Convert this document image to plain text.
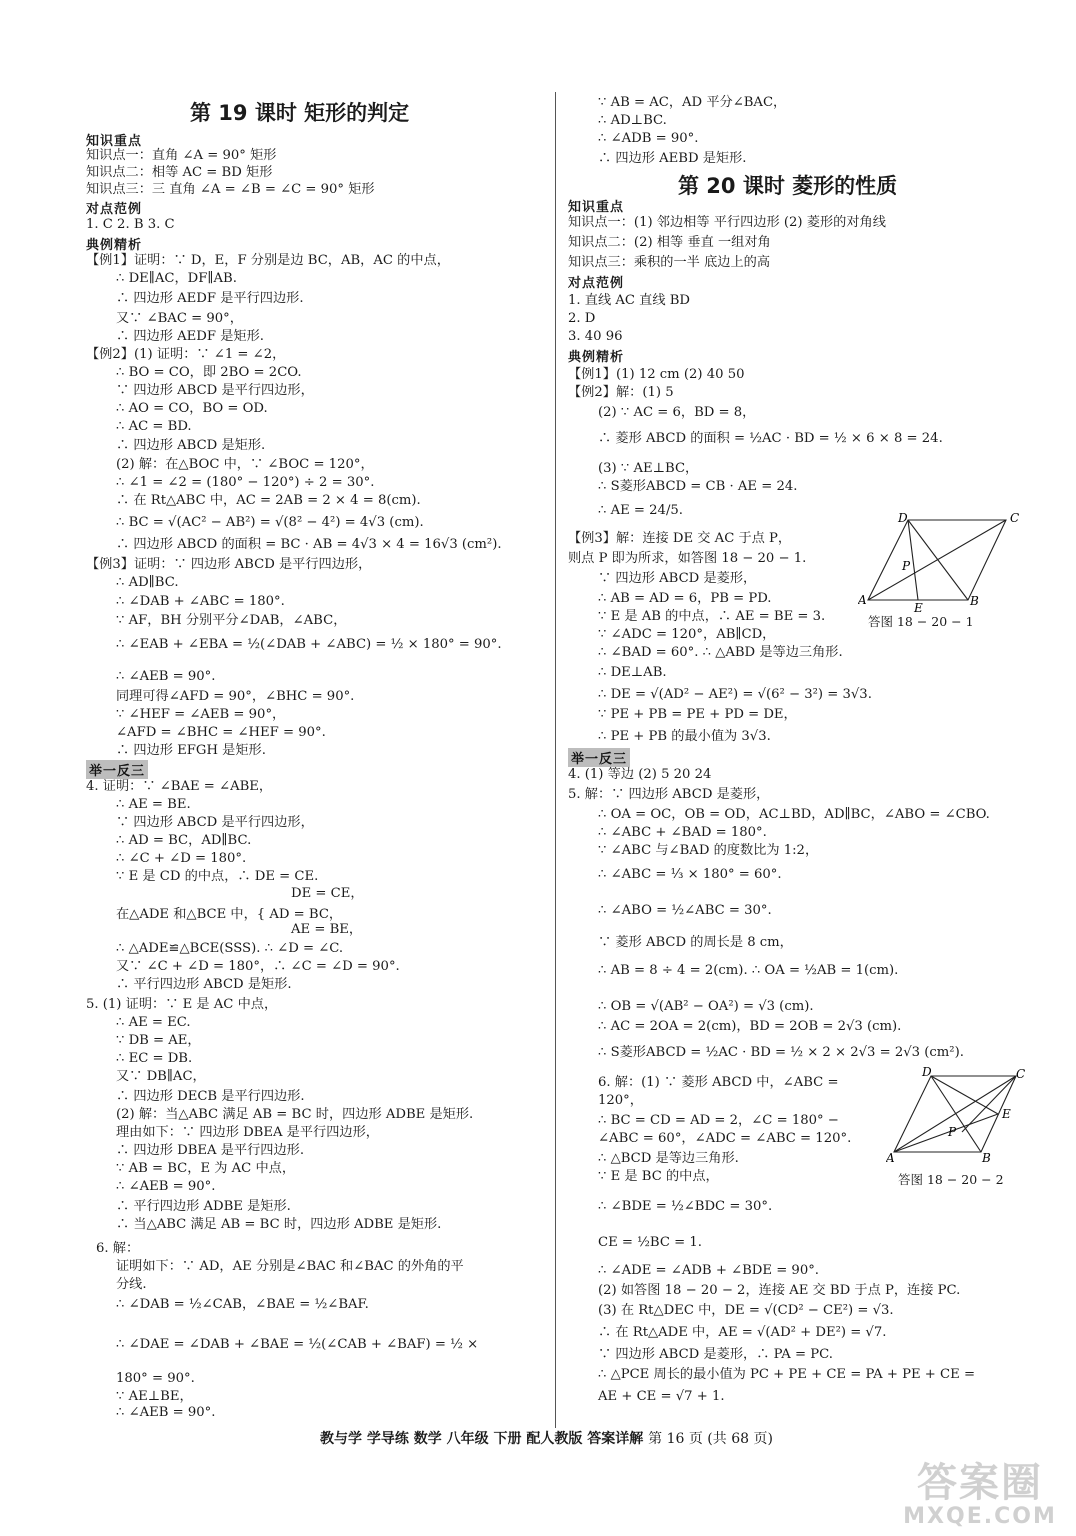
第 19 课时 矩形的判定
知识重点
知识点一：直角 ∠A = 90° 矩形
知识点二：相等 AC = BD 矩形
知识点三：三 直角 ∠A = ∠B = ∠C = 90° 矩形
对点范例
1. C 2. B 3. C
典例精析
【例1】证明：∵ D，E，F 分别是边 BC，AB，AC 的中点，
∴ DE∥AC，DF∥AB.
∴ 四边形 AEDF 是平行四边形.
又∵ ∠BAC = 90°，
∴ 四边形 AEDF 是矩形.
【例2】(1) 证明：∵ ∠1 = ∠2，
∴ BO = CO，即 2BO = 2CO.
∵ 四边形 ABCD 是平行四边形，
∴ AO = CO，BO = OD.
∴ AC = BD.
∴ 四边形 ABCD 是矩形.
(2) 解：在△BOC 中，∵ ∠BOC = 120°，
∴ ∠1 = ∠2 = (180° − 120°) ÷ 2 = 30°.
∴ 在 Rt△ABC 中，AC = 2AB = 2 × 4 = 8(cm).
∴ BC = √(AC² − AB²) = √(8² − 4²) = 4√3 (cm).
∴ 四边形 ABCD 的面积 = BC · AB = 4√3 × 4 = 16√3 (cm²).
【例3】证明：∵ 四边形 ABCD 是平行四边形，
∴ AD∥BC.
∴ ∠DAB + ∠ABC = 180°.
∵ AF，BH 分别平分∠DAB，∠ABC，
∴ ∠EAB + ∠EBA = ½(∠DAB + ∠ABC) = ½ × 180° = 90°.
∴ ∠AEB = 90°.
同理可得∠AFD = 90°，∠BHC = 90°.
∵ ∠HEF = ∠AEB = 90°，
∠AFD = ∠BHC = ∠HEF = 90°.
∴ 四边形 EFGH 是矩形.
举一反三
4. 证明：∵ ∠BAE = ∠ABE，
∴ AE = BE.
∵ 四边形 ABCD 是平行四边形，
∴ AD = BC，AD∥BC.
∴ ∠C + ∠D = 180°.
∵ E 是 CD 的中点，∴ DE = CE.
DE = CE，
在△ADE 和△BCE 中，{ AD = BC，
AE = BE，
∴ △ADE≌△BCE(SSS). ∴ ∠D = ∠C.
又∵ ∠C + ∠D = 180°，∴ ∠C = ∠D = 90°.
∴ 平行四边形 ABCD 是矩形.
5. (1) 证明：∵ E 是 AC 中点，
∴ AE = EC.
∵ DB = AE，
∴ EC = DB.
又∵ DB∥AC，
∴ 四边形 DECB 是平行四边形.
(2) 解：当△ABC 满足 AB = BC 时，四边形 ADBE 是矩形.
理由如下：∵ 四边形 DBEA 是平行四边形，
∴ 四边形 DBEA 是平行四边形.
∵ AB = BC，E 为 AC 中点，
∴ ∠AEB = 90°.
∴ 平行四边形 ADBE 是矩形.
∴ 当△ABC 满足 AB = BC 时，四边形 ADBE 是矩形.
6. 解：
证明如下：∵ AD，AE 分别是∠BAC 和∠BAC 的外角的平
分线.
∴ ∠DAB = ½∠CAB，∠BAE = ½∠BAF.
∴ ∠DAE = ∠DAB + ∠BAE = ½(∠CAB + ∠BAF) = ½ ×
180° = 90°.
∵ AE⊥BE，
∴ ∠AEB = 90°.
第 20 课时 菱形的性质
D	C
P
A
E	B
答图 18 − 20 − 1
D	C
E
P
A	B
答图 18 − 20 − 2
∵ AB = AC，AD 平分∠BAC，
∴ AD⊥BC.
∴ ∠ADB = 90°.
∴ 四边形 AEBD 是矩形.
知识重点
知识点一：(1) 邻边相等 平行四边形 (2) 菱形的对角线
知识点二：(2) 相等 垂直 一组对角
知识点三：乘积的一半 底边上的高
对点范例
1. 直线 AC 直线 BD
2. D
3. 40 96
典例精析
【例1】(1) 12 cm (2) 40 50
【例2】解：(1) 5
(2) ∵ AC = 6，BD = 8，
∴ 菱形 ABCD 的面积 = ½AC · BD = ½ × 6 × 8 = 24.
(3) ∵ AE⊥BC，
∴ S菱形ABCD = CB · AE = 24.
∴ AE = 24/5.
【例3】解：连接 DE 交 AC 于点 P，
则点 P 即为所求，如答图 18 − 20 − 1.
∵ 四边形 ABCD 是菱形，
∴ AB = AD = 6，PB = PD.
∵ E 是 AB 的中点，∴ AE = BE = 3.
∵ ∠ADC = 120°，AB∥CD，
∴ ∠BAD = 60°. ∴ △ABD 是等边三角形.
∴ DE⊥AB.
∴ DE = √(AD² − AE²) = √(6² − 3²) = 3√3.
∵ PE + PB = PE + PD = DE，
∴ PE + PB 的最小值为 3√3.
举一反三
4. (1) 等边 (2) 5 20 24
5. 解：∵ 四边形 ABCD 是菱形，
∴ OA = OC，OB = OD，AC⊥BD，AD∥BC，∠ABO = ∠CBO.
∴ ∠ABC + ∠BAD = 180°.
∵ ∠ABC 与∠BAD 的度数比为 1:2，
∴ ∠ABC = ⅓ × 180° = 60°.
∴ ∠ABO = ½∠ABC = 30°.
∵ 菱形 ABCD 的周长是 8 cm，
∴ AB = 8 ÷ 4 = 2(cm). ∴ OA = ½AB = 1(cm).
∴ OB = √(AB² − OA²) = √3 (cm).
∴ AC = 2OA = 2(cm)，BD = 2OB = 2√3 (cm).
∴ S菱形ABCD = ½AC · BD = ½ × 2 × 2√3 = 2√3 (cm²).
6. 解：(1) ∵ 菱形 ABCD 中，∠ABC =
120°，
∴ BC = CD = AD = 2，∠C = 180° −
∠ABC = 60°，∠ADC = ∠ABC = 120°.
∴ △BCD 是等边三角形.
∵ E 是 BC 的中点，
∴ ∠BDE = ½∠BDC = 30°.
CE = ½BC = 1.
∴ ∠ADE = ∠ADB + ∠BDE = 90°.
(2) 如答图 18 − 20 − 2，连接 AE 交 BD 于点 P，连接 PC.
(3) 在 Rt△DEC 中，DE = √(CD² − CE²) = √3.
∴ 在 Rt△ADE 中，AE = √(AD² + DE²) = √7.
∵ 四边形 ABCD 是菱形，∴ PA = PC.
∴ △PCE 周长的最小值为 PC + PE + CE = PA + PE + CE =
AE + CE = √7 + 1.
教与学 学导练 数学 八年级 下册 配人教版 答案详解 第 16 页 (共 68 页)
答案圈
MXQE.COM
